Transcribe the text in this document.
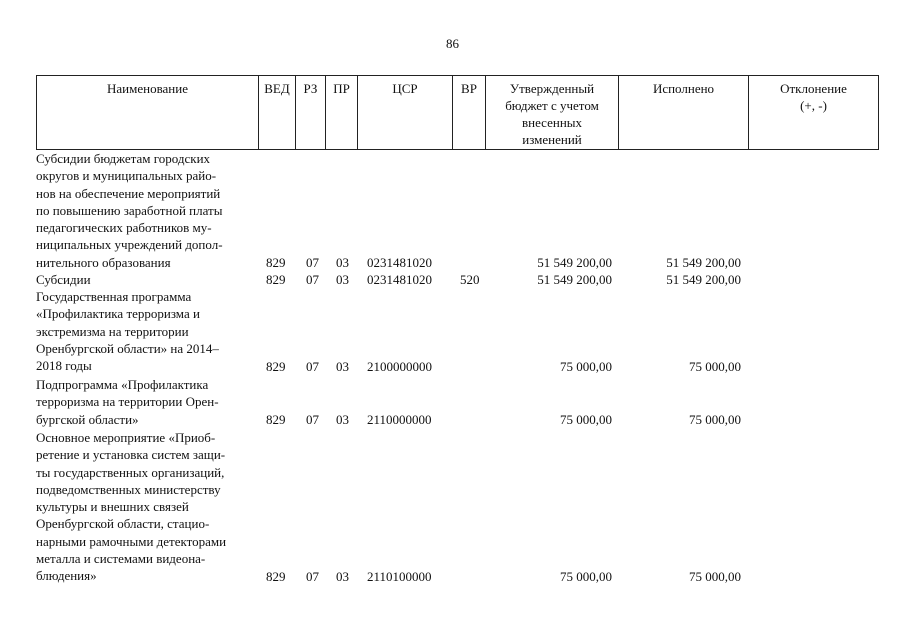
86
Наименование	ВЕД	РЗ	ПР	ЦСР	ВР	Утвержденный
бюджет с учетом
внесенных
изменений
Исполнено	Отклонение
(+, -)
Субсидии бюджетам городских
округов и муниципальных райо-
нов на обеспечение мероприятий
по повышению заработной платы
педагогических работников му-
ниципальных учреждений допол-
нительного образования	829 07 03 0231481020	51 549 200,00	51 549 200,00
Субсидии	829 07 03 0231481020 520	51 549 200,00	51 549 200,00
Государственная программа
«Профилактика терроризма и
экстремизма на территории
Оренбургской области» на 2014–
2018 годы	829 07 03 2100000000	75 000,00	75 000,00
Подпрограмма «Профилактика
терроризма на территории Орен-
бургской области»	829 07 03 2110000000	75 000,00	75 000,00
Основное мероприятие «Приоб-
ретение и установка систем защи-
ты государственных организаций,
подведомственных министерству
культуры и внешних связей
Оренбургской области, стацио-
нарными рамочными детекторами
металла и системами видеона-
блюдения»	829 07 03 2110100000	75 000,00	75 000,00
